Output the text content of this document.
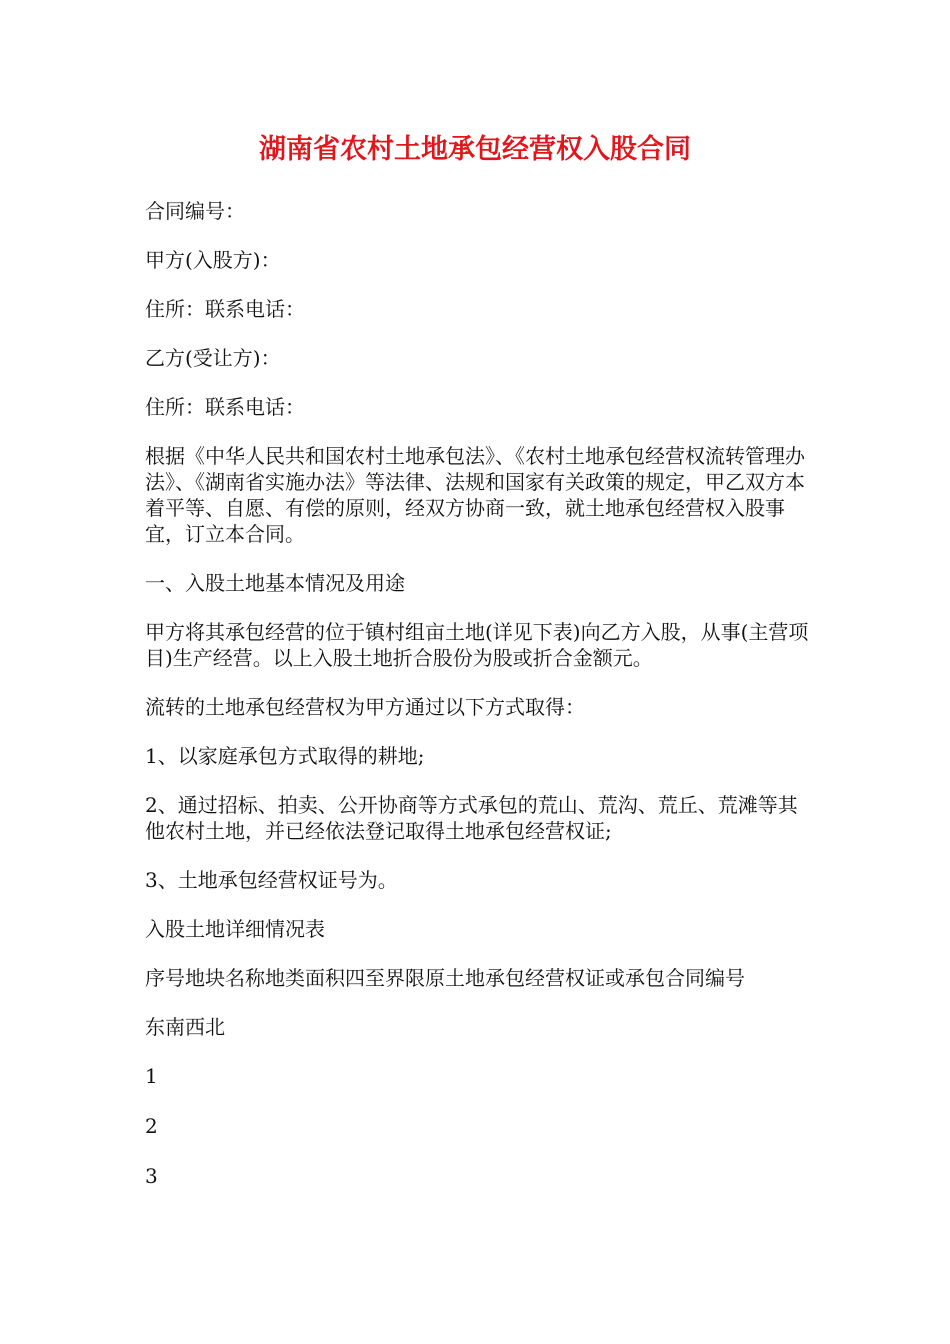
湖南省农村土地承包经营权入股合同

合同编号：

甲方(入股方)：

住所：联系电话：

乙方(受让方)：

住所：联系电话：

根据《中华人民共和国农村土地承包法》、《农村土地承包经营权流转管理办法》、《湖南省实施办法》等法律、法规和国家有关政策的规定，甲乙双方本着平等、自愿、有偿的原则，经双方协商一致，就土地承包经营权入股事宜，订立本合同。

一、入股土地基本情况及用途

甲方将其承包经营的位于镇村组亩土地(详见下表)向乙方入股，从事(主营项目)生产经营。以上入股土地折合股份为股或折合金额元。

流转的土地承包经营权为甲方通过以下方式取得：

1、以家庭承包方式取得的耕地;

2、通过招标、拍卖、公开协商等方式承包的荒山、荒沟、荒丘、荒滩等其他农村土地，并已经依法登记取得土地承包经营权证;

3、土地承包经营权证号为。

入股土地详细情况表

序号地块名称地类面积四至界限原土地承包经营权证或承包合同编号

东南西北

1

2

3
